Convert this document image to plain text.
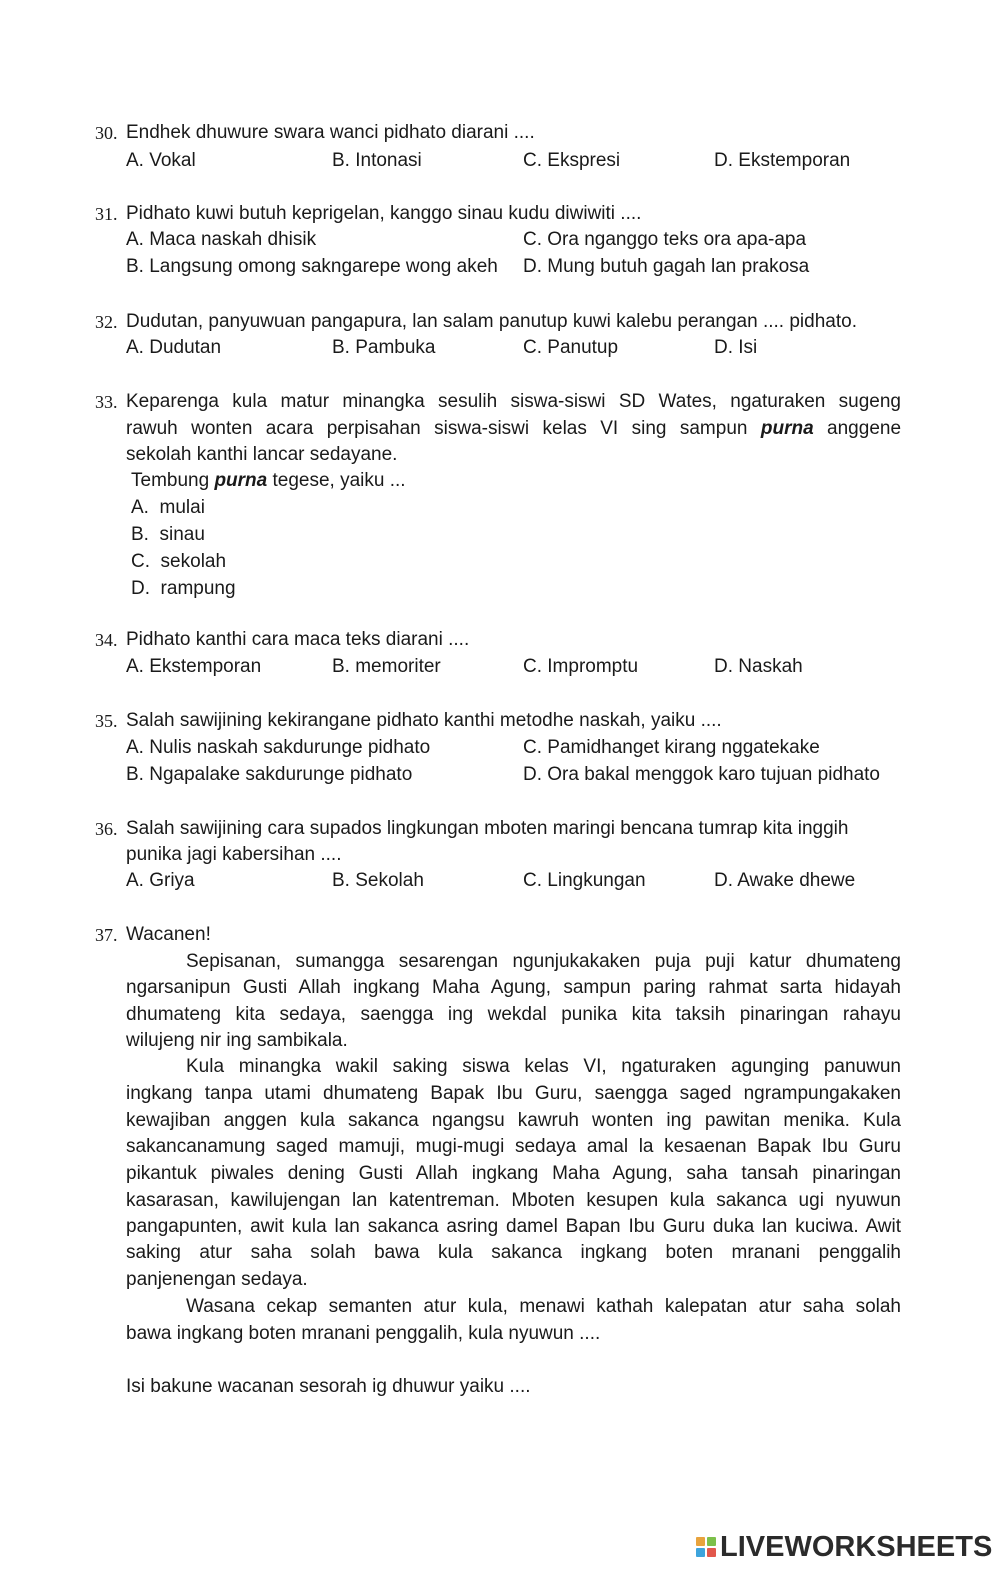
30. Endhek dhuwure swara wanci pidhato diarani ....
A. Vokal	B. Intonasi	C. Ekspresi	D. Ekstemporan
31. Pidhato kuwi butuh keprigelan, kanggo sinau kudu diwiwiti ....
A. Maca naskah dhisik	C. Ora nganggo teks ora apa-apa
B. Langsung omong sakngarepe wong akeh D. Mung butuh gagah lan prakosa
32. Dudutan, panyuwuan pangapura, lan salam panutup kuwi kalebu perangan .... pidhato.
A. Dudutan	B. Pambuka	C. Panutup	D. Isi
33. Keparenga kula matur minangka sesulih siswa-siswi SD Wates, ngaturaken sugeng
rawuh wonten acara perpisahan siswa-siswi kelas VI sing sampun purna anggene
sekolah kanthi lancar sedayane.
Tembung purna tegese, yaiku ...
A.  mulai
B.  sinau
C.  sekolah
D.  rampung
34. Pidhato kanthi cara maca teks diarani ....
A. Ekstemporan	B. memoriter	C. Impromptu	D. Naskah
35. Salah sawijining kekirangane pidhato kanthi metodhe naskah, yaiku ....
A. Nulis naskah sakdurunge pidhato	C. Pamidhanget kirang nggatekake
B. Ngapalake sakdurunge pidhato	D. Ora bakal menggok karo tujuan pidhato
36. Salah sawijining cara supados lingkungan mboten maringi bencana tumrap kita inggih
punika jagi kabersihan ....
A. Griya	B. Sekolah	C. Lingkungan	D. Awake dhewe
37. Wacanen!
Sepisanan, sumangga sesarengan ngunjukakaken puja puji katur dhumateng
ngarsanipun Gusti Allah ingkang Maha Agung, sampun paring rahmat sarta hidayah
dhumateng kita sedaya, saengga ing wekdal punika kita taksih pinaringan rahayu
wilujeng nir ing sambikala.
Kula minangka wakil saking siswa kelas VI, ngaturaken agunging panuwun
ingkang tanpa utami dhumateng Bapak Ibu Guru, saengga saged ngrampungakaken
kewajiban anggen kula sakanca ngangsu kawruh wonten ing pawitan menika. Kula
sakancanamung saged mamuji, mugi-mugi sedaya amal la kesaenan Bapak Ibu Guru
pikantuk piwales dening Gusti Allah ingkang Maha Agung, saha tansah pinaringan
kasarasan, kawilujengan lan katentreman. Mboten kesupen kula sakanca ugi nyuwun
pangapunten, awit kula lan sakanca asring damel Bapan Ibu Guru duka lan kuciwa. Awit
saking atur saha solah bawa kula sakanca ingkang boten mranani penggalih
panjenengan sedaya.
Wasana cekap semanten atur kula, menawi kathah kalepatan atur saha solah
bawa ingkang boten mranani penggalih, kula nyuwun ....
Isi bakune wacanan sesorah ig dhuwur yaiku ....
LIVEWORKSHEETS
